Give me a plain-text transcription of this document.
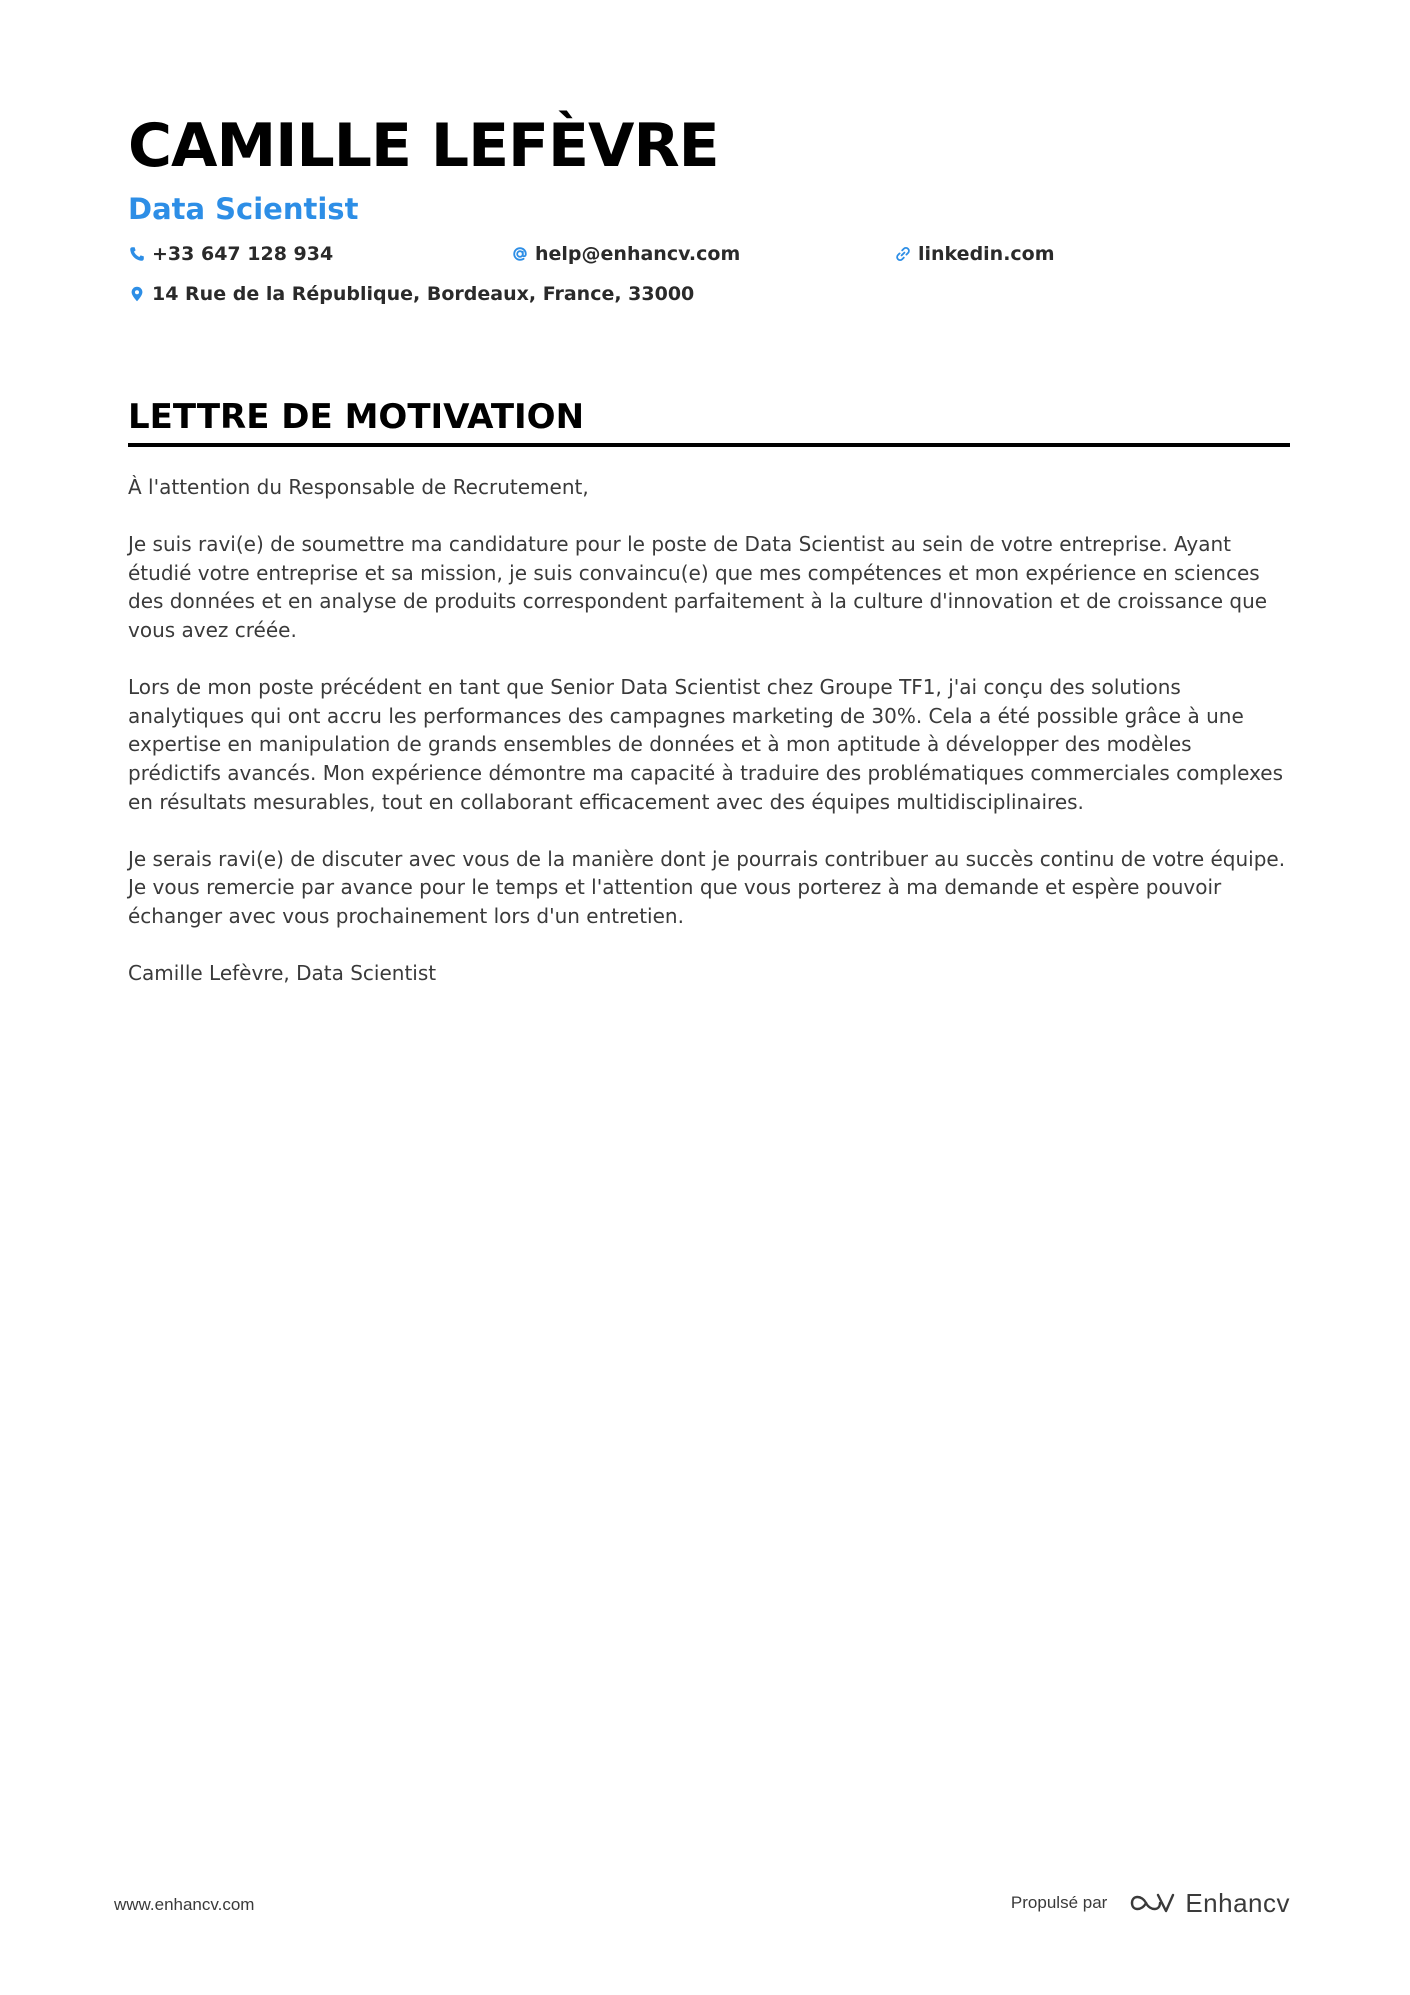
CAMILLE LEFÈVRE
Data Scientist
+33 647 128 934	help@enhancv.com	linkedin.com
14 Rue de la République, Bordeaux, France, 33000
LETTRE DE MOTIVATION

À l'attention du Responsable de Recrutement,

Je suis ravi(e) de soumettre ma candidature pour le poste de Data Scientist au sein de votre entreprise. Ayant étudié votre entreprise et sa mission, je suis convaincu(e) que mes compétences et mon expérience en sciences des données et en analyse de produits correspondent parfaitement à la culture d'innovation et de croissance que vous avez créée.

Lors de mon poste précédent en tant que Senior Data Scientist chez Groupe TF1, j'ai conçu des solutions analytiques qui ont accru les performances des campagnes marketing de 30%. Cela a été possible grâce à une expertise en manipulation de grands ensembles de données et à mon aptitude à développer des modèles prédictifs avancés. Mon expérience démontre ma capacité à traduire des problématiques commerciales complexes en résultats mesurables, tout en collaborant efficacement avec des équipes multidisciplinaires.

Je serais ravi(e) de discuter avec vous de la manière dont je pourrais contribuer au succès continu de votre équipe. Je vous remercie par avance pour le temps et l'attention que vous porterez à ma demande et espère pouvoir échanger avec vous prochainement lors d'un entretien.

Camille Lefèvre, Data Scientist

www.enhancv.com	Propulsé par	Enhancv
